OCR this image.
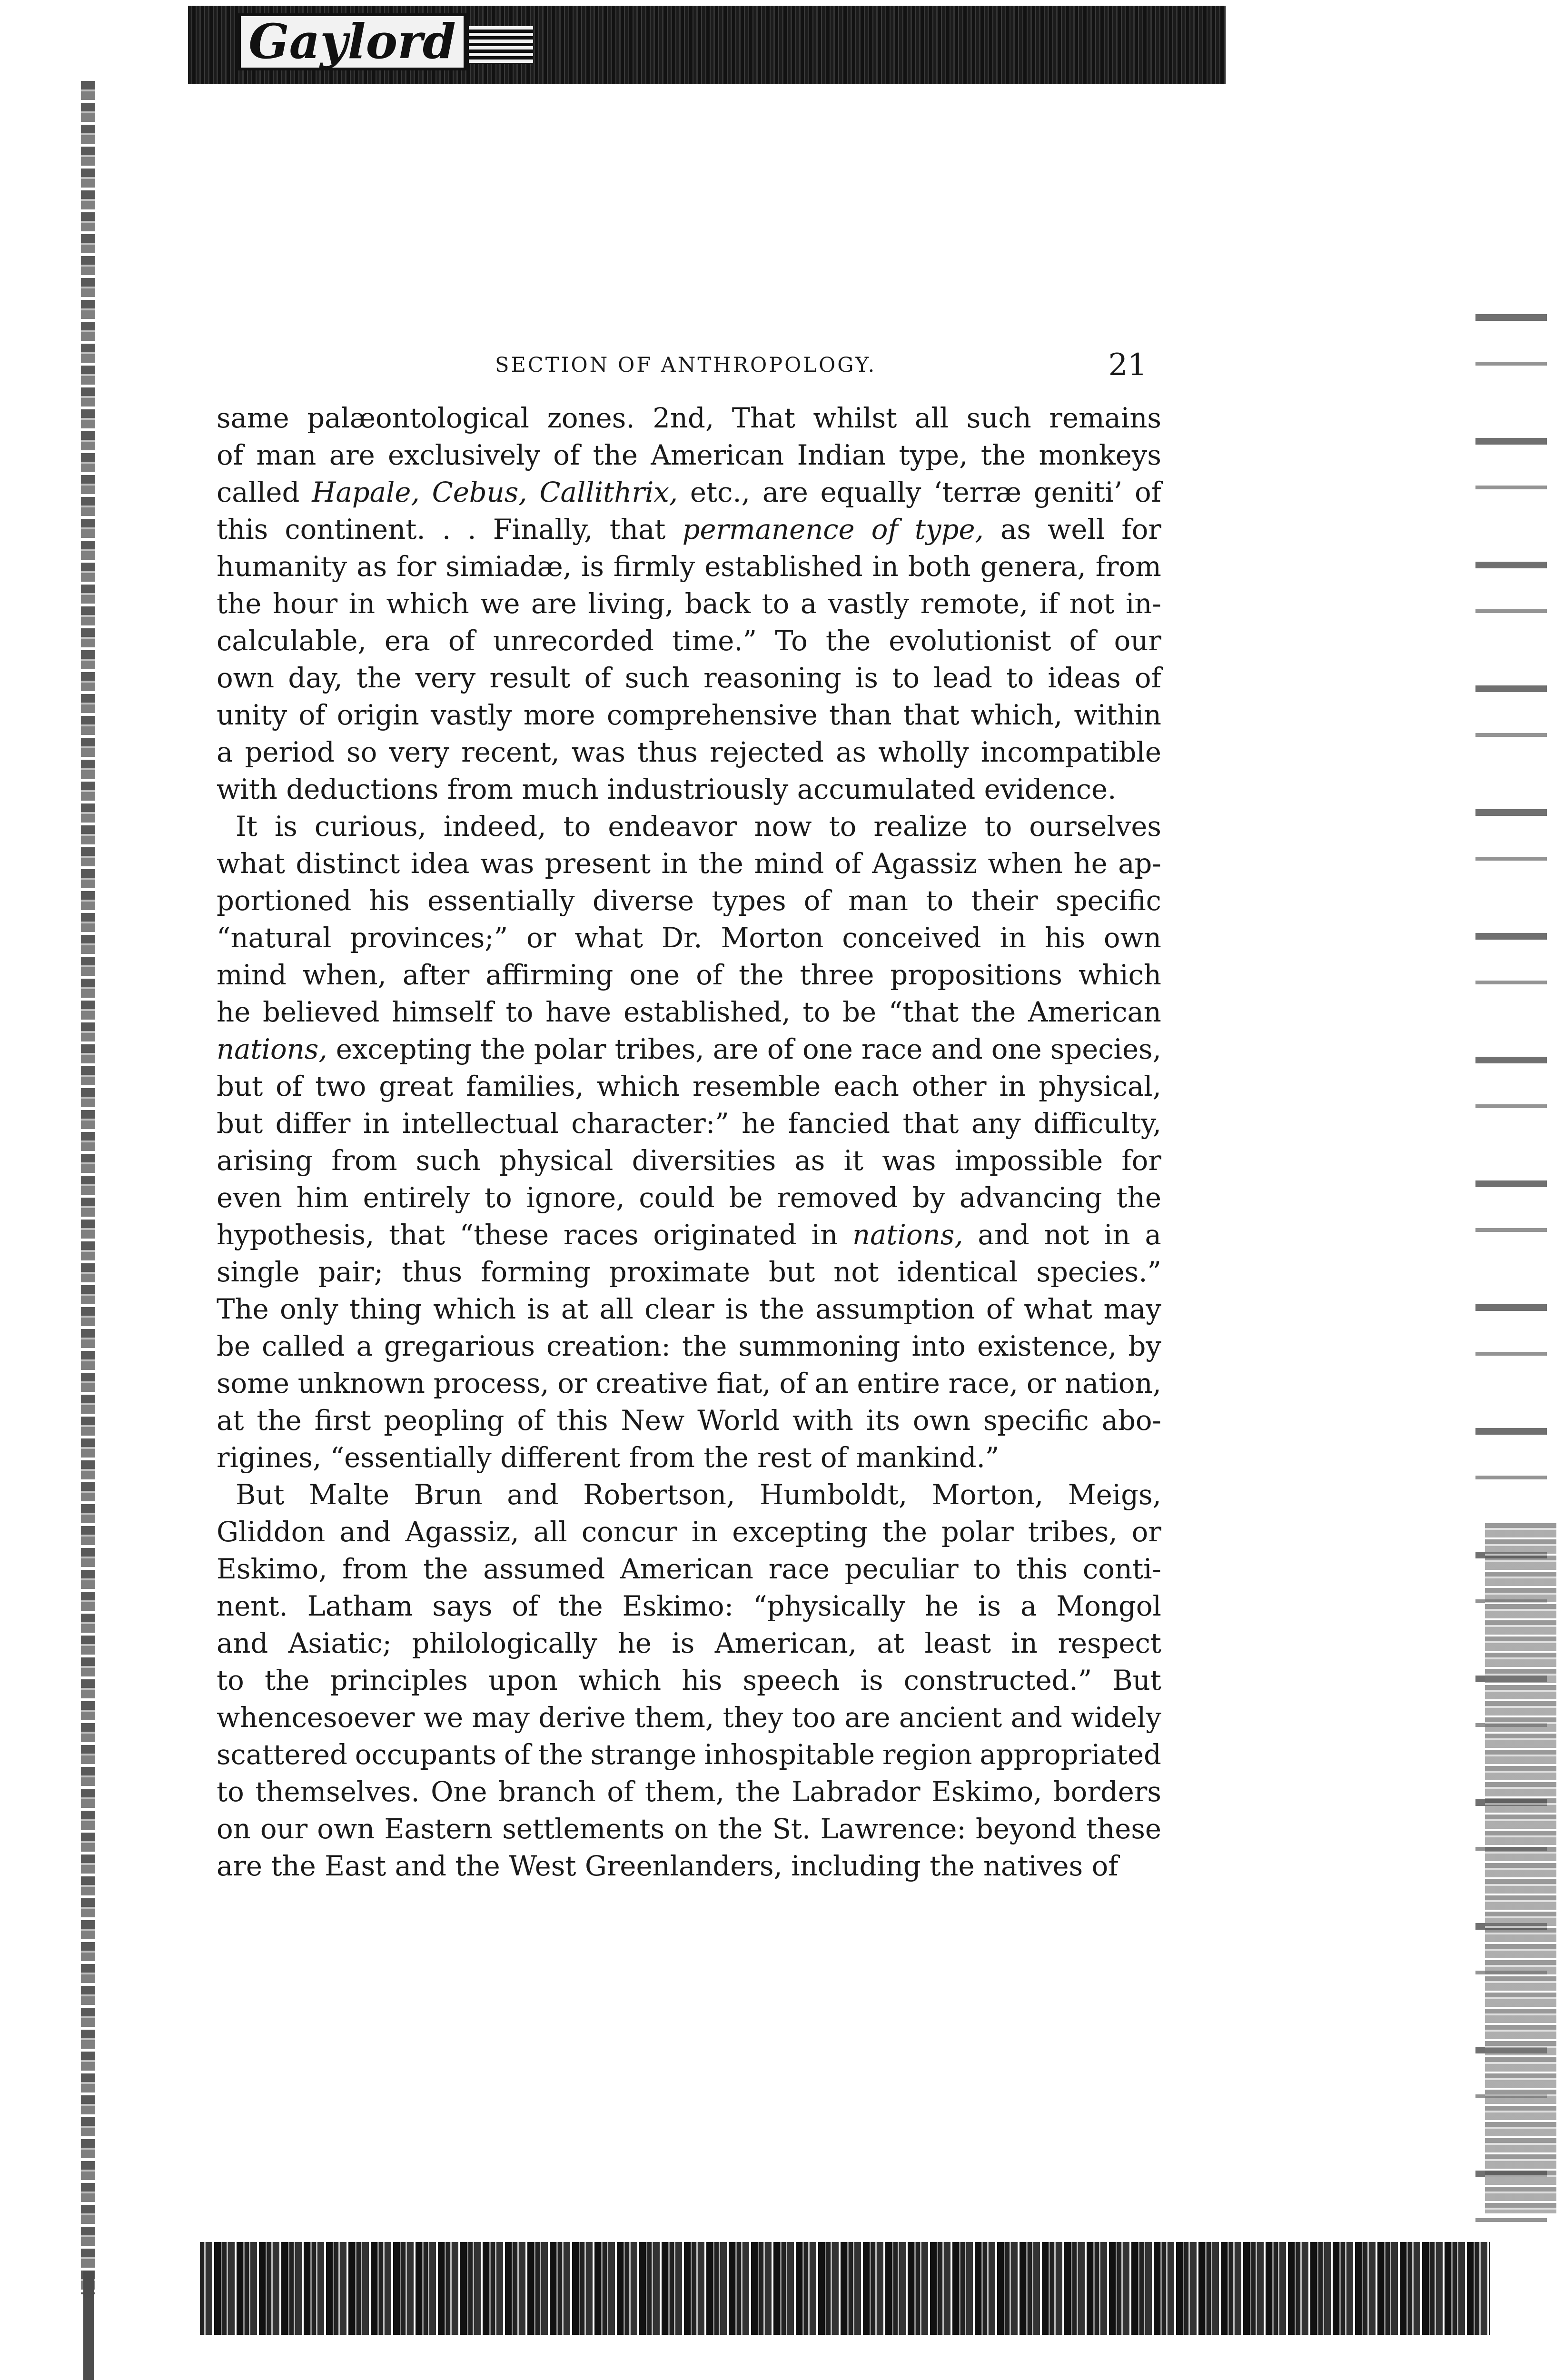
Gaylord
SECTION OF ANTHROPOLOGY.	21
same palæontological zones. 2nd, That whilst all such remains
of man are exclusively of the American Indian type, the monkeys
called Hapale, Cebus, Callithrix, etc., are equally ‘terræ geniti’ of
this continent. . . Finally, that permanence of type, as well for
humanity as for simiadæ, is firmly established in both genera, from
the hour in which we are living, back to a vastly remote, if not in-
calculable, era of unrecorded time.” To the evolutionist of our
own day, the very result of such reasoning is to lead to ideas of
unity of origin vastly more comprehensive than that which, within
a period so very recent, was thus rejected as wholly incompatible
with deductions from much industriously accumulated evidence.
It is curious, indeed, to endeavor now to realize to ourselves
what distinct idea was present in the mind of Agassiz when he ap-
portioned his essentially diverse types of man to their specific
“natural provinces;” or what Dr. Morton conceived in his own
mind when, after affirming one of the three propositions which
he believed himself to have established, to be “that the American
nations, excepting the polar tribes, are of one race and one species,
but of two great families, which resemble each other in physical,
but differ in intellectual character:” he fancied that any difficulty,
arising from such physical diversities as it was impossible for
even him entirely to ignore, could be removed by advancing the
hypothesis, that “these races originated in nations, and not in a
single pair; thus forming proximate but not identical species.”
The only thing which is at all clear is the assumption of what may
be called a gregarious creation: the summoning into existence, by
some unknown process, or creative fiat, of an entire race, or nation,
at the first peopling of this New World with its own specific abo-
rigines, “essentially different from the rest of mankind.”
But Malte Brun and Robertson, Humboldt, Morton, Meigs,
Gliddon and Agassiz, all concur in excepting the polar tribes, or
Eskimo, from the assumed American race peculiar to this conti-
nent. Latham says of the Eskimo: “physically he is a Mongol
and Asiatic; philologically he is American, at least in respect
to the principles upon which his speech is constructed.” But
whencesoever we may derive them, they too are ancient and widely
scattered occupants of the strange inhospitable region appropriated
to themselves. One branch of them, the Labrador Eskimo, borders
on our own Eastern settlements on the St. Lawrence: beyond these
are the East and the West Greenlanders, including the natives of
